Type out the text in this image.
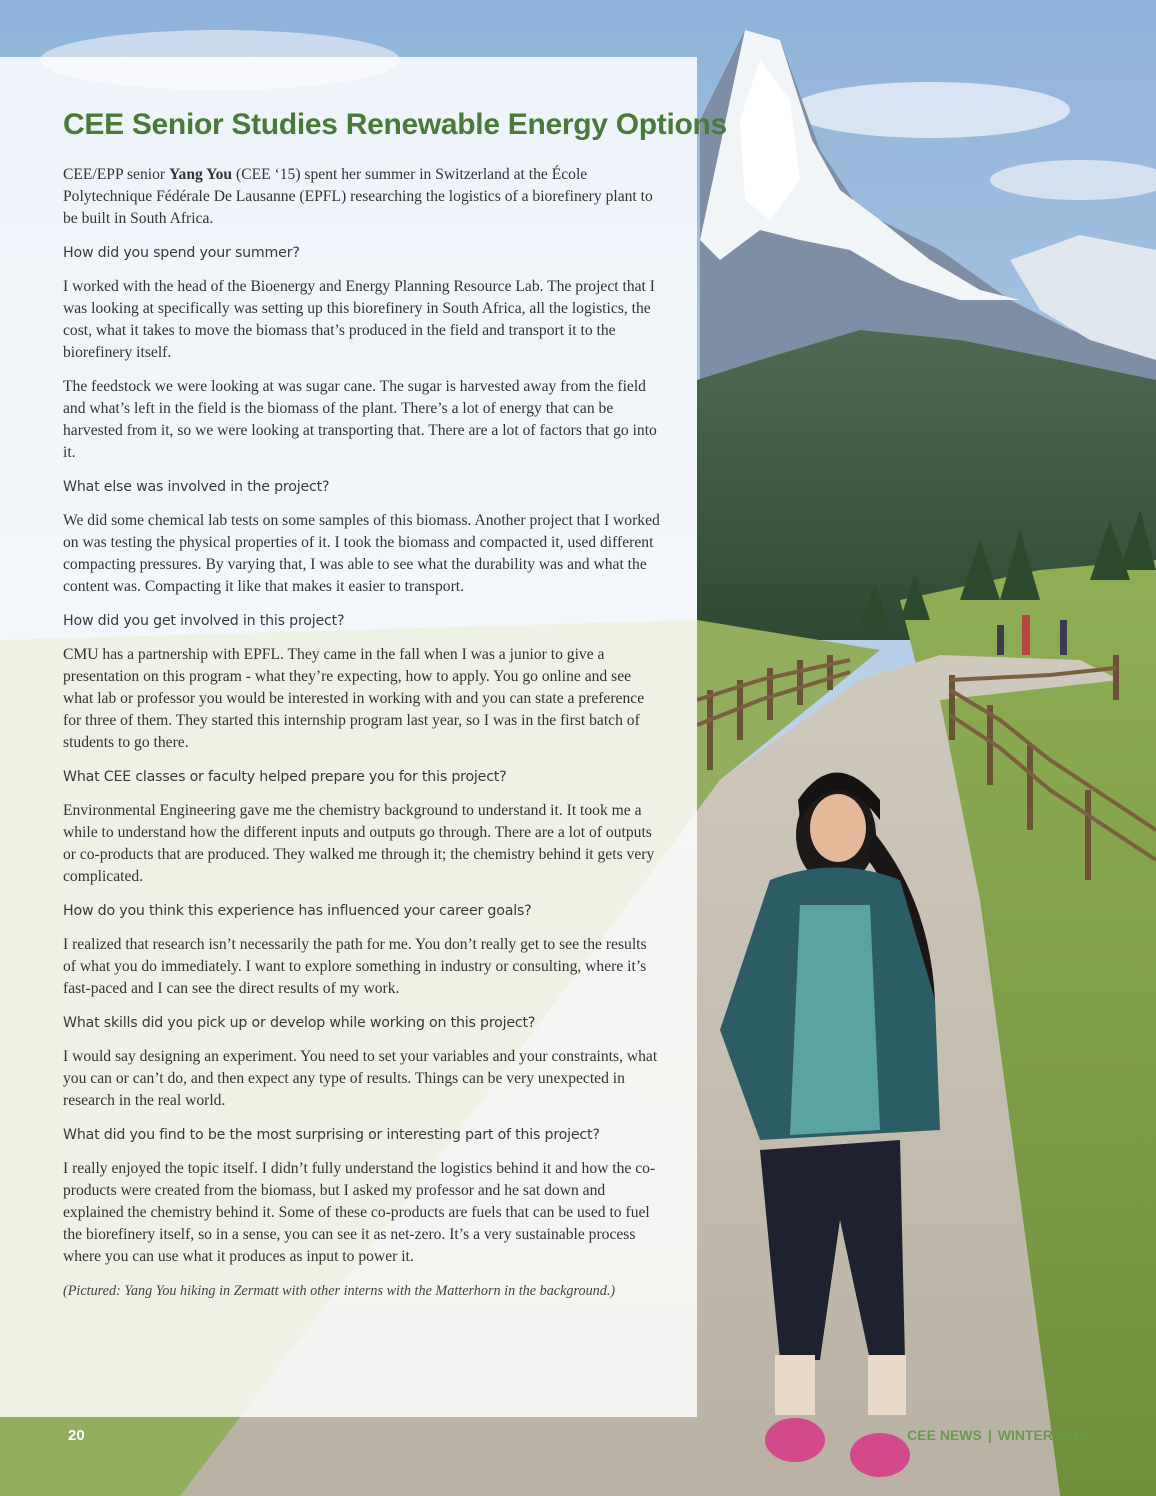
CEE Senior Studies Renewable Energy Options

CEE/EPP senior Yang You (CEE ‘15) spent her summer in Switzerland at the École Polytechnique Fédérale De Lausanne (EPFL) researching the logistics of a biorefinery plant to be built in South Africa.

How did you spend your summer?

I worked with the head of the Bioenergy and Energy Planning Resource Lab. The project that I was looking at specifically was setting up this biorefinery in South Africa, all the logistics, the cost, what it takes to move the biomass that’s produced in the field and transport it to the biorefinery itself.

The feedstock we were looking at was sugar cane. The sugar is harvested away from the field and what’s left in the field is the biomass of the plant. There’s a lot of energy that can be harvested from it, so we were looking at transporting that. There are a lot of factors that go into it.

What else was involved in the project?

We did some chemical lab tests on some samples of this biomass. Another project that I worked on was testing the physical properties of it. I took the biomass and compacted it, used different compacting pressures. By varying that, I was able to see what the durability was and what the content was. Compacting it like that makes it easier to transport.

How did you get involved in this project?

CMU has a partnership with EPFL. They came in the fall when I was a junior to give a presentation on this program - what they’re expecting, how to apply. You go online and see what lab or professor you would be interested in working with and you can state a preference for three of them. They started this internship program last year, so I was in the first batch of students to go there.

What CEE classes or faculty helped prepare you for this project?

Environmental Engineering gave me the chemistry background to understand it. It took me a while to understand how the different inputs and outputs go through. There are a lot of outputs or co-products that are produced. They walked me through it; the chemistry behind it gets very complicated.

How do you think this experience has influenced your career goals?

I realized that research isn’t necessarily the path for me. You don’t really get to see the results of what you do immediately. I want to explore something in industry or consulting, where it’s fast-paced and I can see the direct results of my work.

What skills did you pick up or develop while working on this project?

I would say designing an experiment. You need to set your variables and your constraints, what you can or can’t do, and then expect any type of results. Things can be very unexpected in research in the real world.

What did you find to be the most surprising or interesting part of this project?

I really enjoyed the topic itself. I didn’t fully understand the logistics behind it and how the co-products were created from the biomass, but I asked my professor and he sat down and explained the chemistry behind it. Some of these co-products are fuels that can be used to fuel the biorefinery itself, so in a sense, you can see it as net-zero. It’s a very sustainable process where you can use what it produces as input to power it.

(Pictured: Yang You hiking in Zermatt with other interns with the Matterhorn in the background.)

20	CEE NEWS | WINTER 2015
